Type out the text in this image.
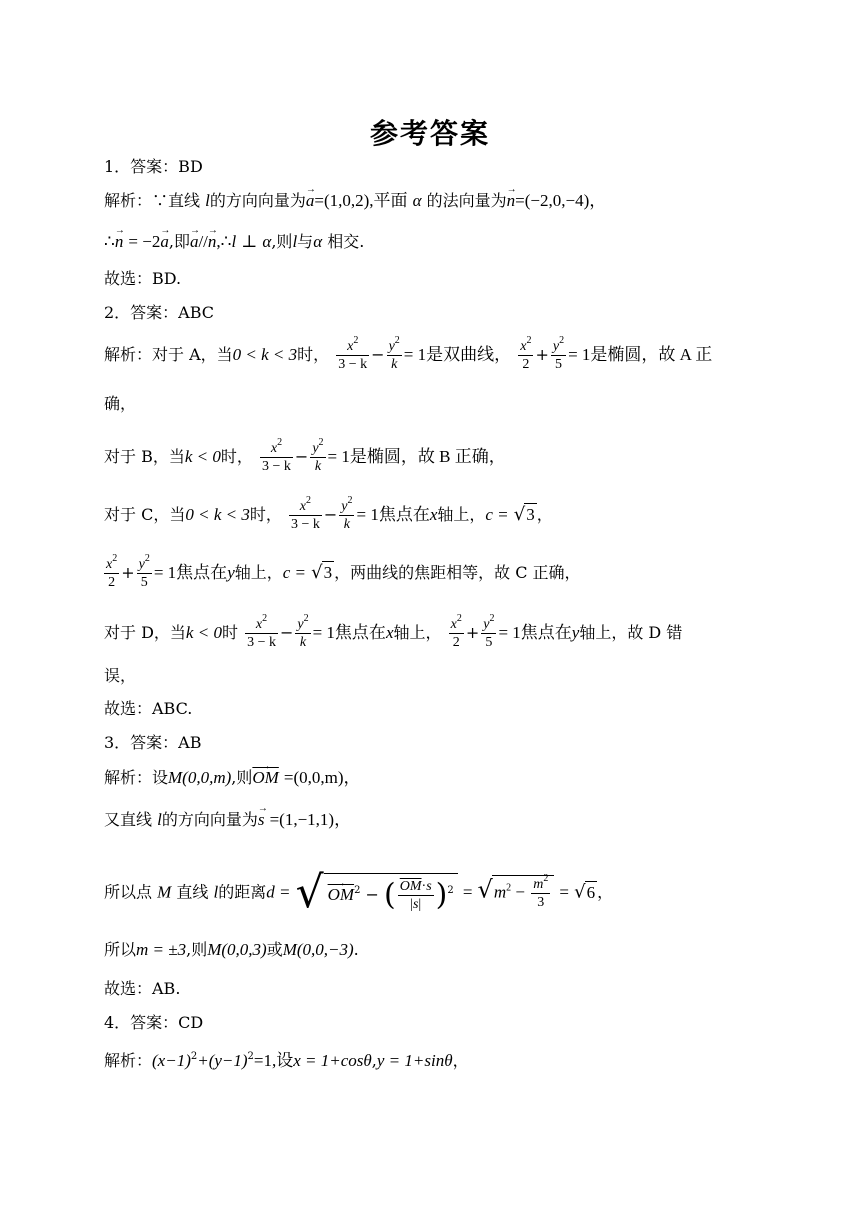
参考答案
1．答案：BD
解析：∵直线 l的方向向量为→ a=(1,0,2),平面 α 的法向量为→ n=(−2,0,−4)，
∴→ n = −2→ a,即→ a//→ n,∴l ⊥ α,则l与α 相交.
故选：BD.
2．答案：ABC
解析：对于 A，当0 < k < 3时， $\frac{x^2}{3 - k} - \frac{y^2}{k} = 1$是双曲线， $\frac{x^2}{2} + \frac{y^2}{5} = 1$是椭圆，故 A 正
确，
对于 B，当k < 0时， $\frac{x^2}{3 - k} - \frac{y^2}{k} = 1$是椭圆，故 B 正确，
对于 C，当0 < k < 3时， $\frac{x^2}{3 - k} - \frac{y^2}{k} = 1$焦点在x轴上，c = √3 ，
$\frac{x^2}{2} + \frac{y^2}{5} = 1$焦点在y轴上，c = √3 ，两曲线的焦距相等，故 C 正确，
对于 D，当k < 0时 $\frac{x^2}{3 - k} - \frac{y^2}{k} = 1$焦点在x轴上， $\frac{x^2}{2} + \frac{y^2}{5} = 1$焦点在y轴上，故 D 错
误，
故选：ABC.
3．答案：AB
解析：设M(0,0,m),则→ $\overline{OM} =(0,0,m)$，
又直线 l的方向向量为→ s =(1,−1,1)，
所以点 M 直线 l的距离d = √ → $OM^2$ − ( $\frac{\overline{OM}\cdot s}{|s|} )^2 = √m^2 - \frac{m^2}{3} = √6$ ，
所以m = ±3,则M(0,0,3)或M(0,0,−3).
故选：AB.
4．答案：CD
解析：$(x-1)^2+(y-1)^2=1$,设x = 1+cosθ,y = 1+sinθ，
